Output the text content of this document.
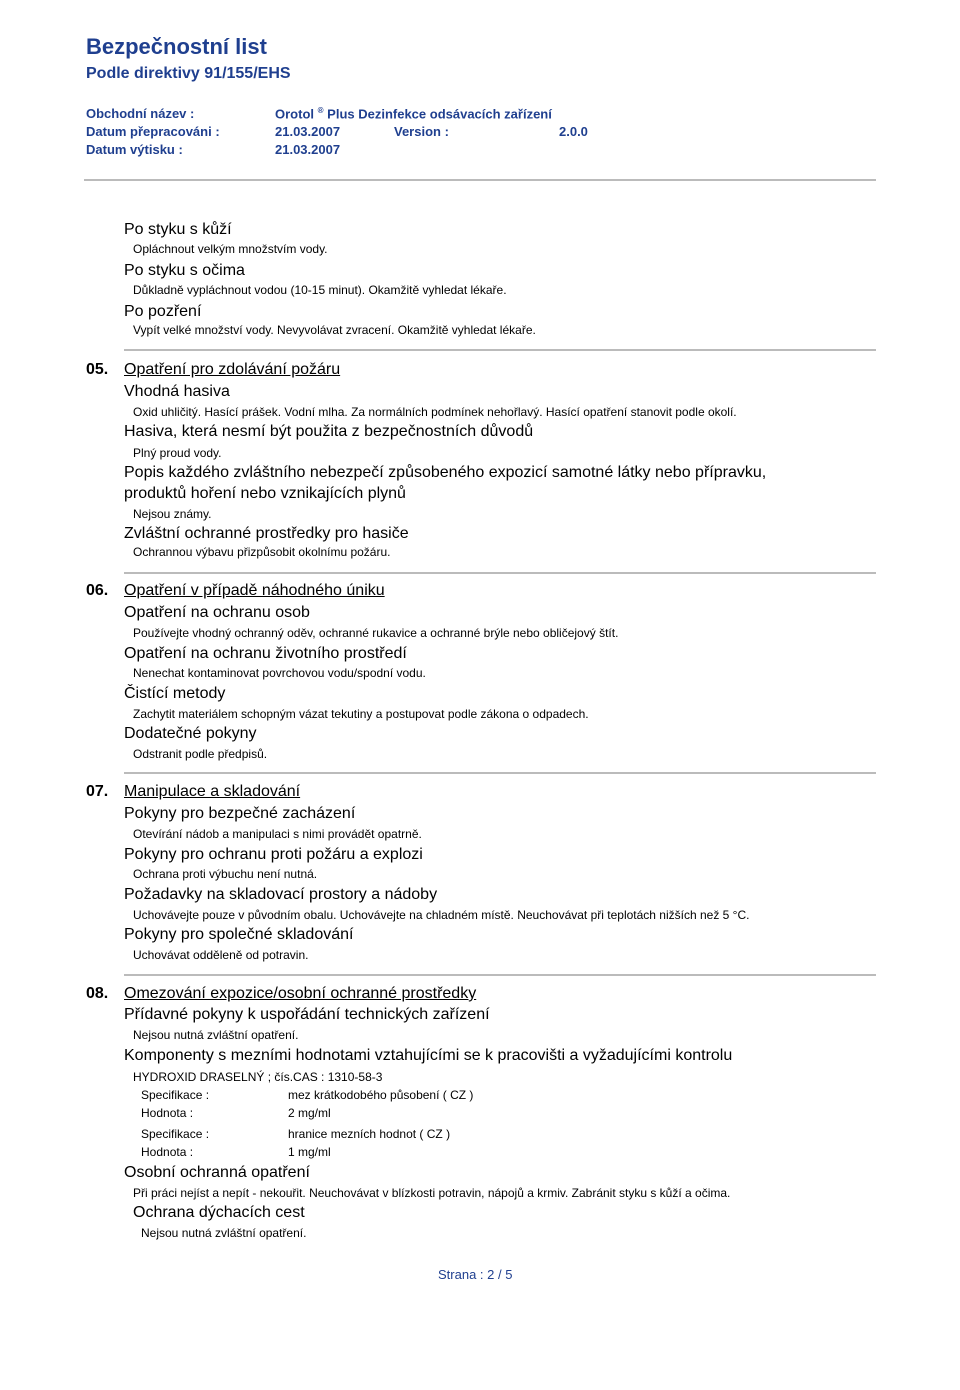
Bezpečnostní list
Podle direktivy 91/155/EHS
Obchodní název :	Orotol ® Plus Dezinfekce odsávacích zařízení
Datum přepracováni :	21.03.2007	Version :	2.0.0
Datum výtisku :	21.03.2007
Po styku s kůží
Opláchnout velkým množstvím vody.
Po styku s očima
Důkladně vypláchnout vodou (10-15 minut). Okamžitě vyhledat lékaře.
Po pozření
Vypít velké množství vody. Nevyvolávat zvracení. Okamžitě vyhledat lékaře.
05. Opatření pro zdolávání požáru
Vhodná hasiva
Oxid uhličitý. Hasící prášek. Vodní mlha. Za normálních podmínek nehořlavý. Hasící opatření stanovit podle okolí.
Hasiva, která nesmí být použita z bezpečnostních důvodů
Plný proud vody.
Popis každého zvláštního nebezpečí způsobeného expozicí samotné látky nebo přípravku,
produktů hoření nebo vznikajících plynů
Nejsou známy.
Zvláštní ochranné prostředky pro hasiče
Ochrannou výbavu přizpůsobit okolnímu požáru.
06. Opatření v případě náhodného úniku
Opatření na ochranu osob
Používejte vhodný ochranný oděv, ochranné rukavice a ochranné brýle nebo obličejový štít.
Opatření na ochranu životního prostředí
Nenechat kontaminovat povrchovou vodu/spodní vodu.
Čistící metody
Zachytit materiálem schopným vázat tekutiny a postupovat podle zákona o odpadech.
Dodatečné pokyny
Odstranit podle předpisů.
07. Manipulace a skladování
Pokyny pro bezpečné zacházení
Otevírání nádob a manipulaci s nimi provádět opatrně.
Pokyny pro ochranu proti požáru a explozi
Ochrana proti výbuchu není nutná.
Požadavky na skladovací prostory a nádoby
Uchovávejte pouze v původním obalu. Uchovávejte na chladném místě. Neuchovávat při teplotách nižších než 5 °C.
Pokyny pro společné skladování
Uchovávat odděleně od potravin.
08. Omezování expozice/osobní ochranné prostředky
Přídavné pokyny k uspořádání technických zařízení
Nejsou nutná zvláštní opatření.
Komponenty s mezními hodnotami vztahujícími se k pracovišti a vyžadujícími kontrolu
HYDROXID DRASELNÝ ; čís.CAS : 1310-58-3
Specifikace :	mez krátkodobého působení ( CZ )
Hodnota :	2 mg/ml
Specifikace :	hranice mezních hodnot ( CZ )
Hodnota :	1 mg/ml
Osobní ochranná opatření
Při práci nejíst a nepít - nekouřit. Neuchovávat v blízkosti potravin, nápojů a krmiv. Zabránit styku s kůží a očima.
Ochrana dýchacích cest
Nejsou nutná zvláštní opatření.
Strana : 2 / 5
